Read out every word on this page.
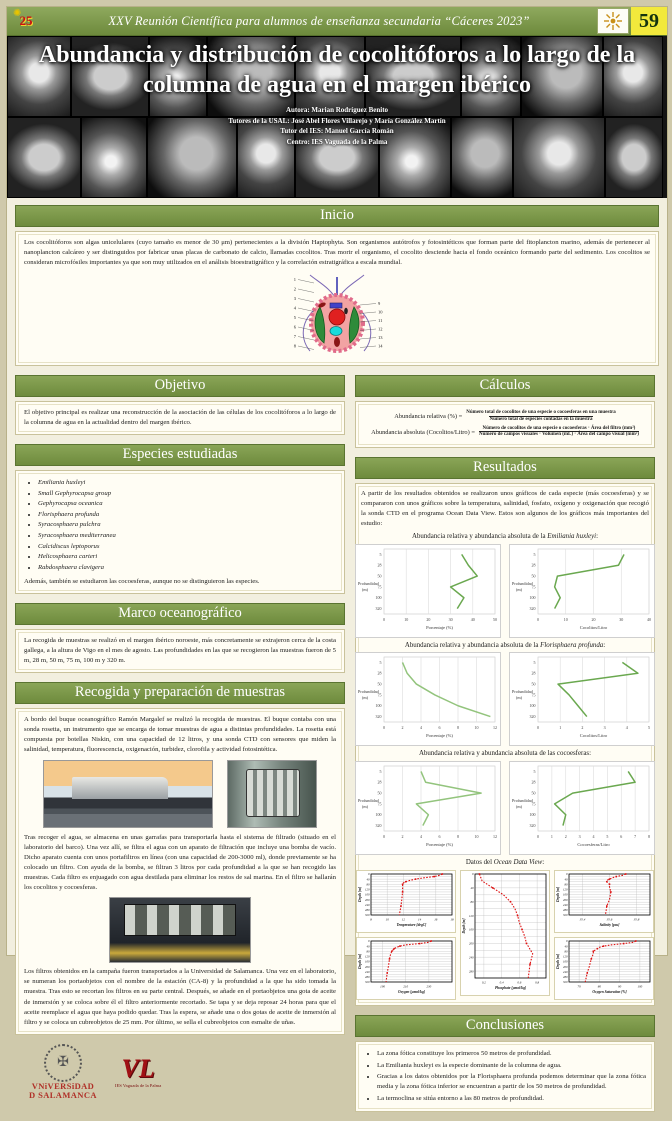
✺
25	XXV Reunión Científica para alumnos de enseñanza secundaria “Cáceres 2023”	59
Abundancia y distribución de cocolitóforos a lo largo de la columna de agua en el margen ibérico
Autora: Marian Rodríguez Benito
Tutores de la USAL: José Abel Flores Villarejo y María González Martín
Tutor del IES: Manuel García Román
Centro: IES Vaguada de la Palma
Inicio
Los cocolitóforos son algas unicelulares (cuyo tamaño es menor de 30 μm) pertenecientes a la división Haptophyta. Son organismos autótrofos y fotosintéticos que forman parte del fitoplancton marino, además de pertenecer al nanoplancton calcáreo y ser distinguidos por fabricar unas placas de carbonato de calcio, llamadas cocolitos. Tras morir el organismo, el cocolito desciende hacia el fondo oceánico formando parte del sedimento. Los cocolitos se consideran microfósiles importantes ya que son muy utilizados en el análisis bioestratigráfico y la correlación estratigráfica a escala mundial.
1
2
3
4
5
6
7
8
9
10
11
12
13
14
Objetivo
El objetivo principal es realizar una reconstrucción de la asociación de las células de los cocolitóforos a lo largo de la columna de agua en la actualidad dentro del margen ibérico.
Especies estudiadas
• Emiliania huxleyi
• Small Gephyrocapsa group
• Gephyrocapsa oceanica
• Florisphaera profunda
• Syracosphaera pulchra
• Syracosphaera mediterranea
• Calcidiscus leptoporus
• Helicosphaera carteri
• Rabdosphaera clavigera
Además, también se estudiaron las cocoesferas, aunque no se distinguieron las especies.
Marco oceanográfico
La recogida de muestras se realizó en el margen ibérico noroeste, más concretamente se extrajeron cerca de la costa gallega, a la altura de Vigo en el mes de agosto. Las profundidades en las que se recogieron las muestras fueron de 5 m, 28 m, 50 m, 75 m, 100 m y 320 m.
Recogida y preparación de muestras
A bordo del buque oceanográfico Ramón Margalef se realizó la recogida de muestras. El buque contaba con una sonda rosetta, un instrumento que se encarga de tomar muestras de agua a distintas profundidades. La rosetta está compuesta por botellas Niskin, con una capacidad de 12 litros, y una sonda CTD con sensores que miden la salinidad, temperatura, fluorescencia, oxigenación, turbidez, clorofila y actividad fotosintética.
Tras recoger el agua, se almacena en unas garrafas para transportarla hasta el sistema de filtrado (situado en el laboratorio del barco). Una vez allí, se filtra el agua con un aparato de filtración que incluye una bomba de vacío. Dicho aparato cuenta con unos portafiltros en línea (con una capacidad de 200-3000 ml), donde previamente se ha colocado un filtro. Con ayuda de la bomba, se filtran 3 litros por cada profundidad a la que se han recogido las muestras. Cada filtro es enjuagado con agua destilada para eliminar los restos de sal marina. En el filtro se hallarán los cocolitos y cocoesferas.
Los filtros obtenidos en la campaña fueron transportados a la Universidad de Salamanca. Una vez en el laboratorio, se numeran los portaobjetos con el nombre de la estación (CA-8) y la profundidad a la que ha sido tomada la muestra. Tras esto se recortan los filtros en su parte central. Después, se añade en el portaobjetos una gota de aceite de inmersión y se coloca sobre él el filtro anteriormente recortado. Se tapa y se deja reposar 24 horas para que el aceite reemplace el agua que haya podido quedar. Tras la espera, se añade una o dos gotas de aceite de inmersión al filtro y se coloca un cubreobjetos de 25 mm. Por último, se sella el cubreobjetos con esmalte de uñas.
✠
VNiVERSiDAD
D SALAMANCA
VL
IES Vaguada de la Palma
Cálculos
Abundancia relativa (%) =
Número total de cocolitos de una especie o cocoesferas en una muestra
Número total de especies contadas en la muestra
Abundancia absoluta (Cocolitos/Litro) =
Número de cocolitos de una especie o cocoesferas · Área del filtro (mm²)
Número de campos visuales · Volumen (mL) · Área del campo visual (mm²)
Resultados
A partir de los resultados obtenidos se realizaron unos gráficos de cada especie (más cocoesferas) y se compararon con unos gráficos sobre la temperatura, salinidad, fosfato, oxígeno y oxigenación que recogió la sonda CTD en el programa Ocean Data View. Estos son algunos de los gráficos más importantes del estudio:
Abundancia relativa y abundancia absoluta de la Emiliania huxleyi:
0	10	20	30	40	50
5
28
50
75
100
320
Profundidad
(m)
Porcentaje (%)
0	10	20	30	40
5
28
50
75
100
320
Profundidad
(m)
Cocolitos/Litro
Abundancia relativa y abundancia absoluta de la Florisphaera profunda:
0	2	4	6	8	10	12
5
28
50
75
100
320
Profundidad
(m)
Porcentaje (%)
0	1	2	3	4	5
5
28
50
75
100
320
Profundidad
(m)
Cocolitos/Litro
Abundancia relativa y abundancia absoluta de las cocoesferas:
0	2	4	6	8	10	12
5
28
50
75
100
320
Profundidad
(m)
Porcentaje (%)
0	1	2	3	4	5	6	7	8
5
28
50
75
100
320
Profundidad
(m)
Cocoesferas/Litro
Datos del Ocean Data View:
8	10	12	14	16	18
0
40
80
120
160
200
240
280
320
Temperature [degC]
Depth [m]
190	210	230
0
40
80
120
160
200
240
280
320
Oxygen [µmol/kg]
Depth [m]
0.2	0.4	0.6	0.8
0
40
80
120
160
200
240
280
Phosphate [µmol/kg]
Depth [m]	35.4	35.6	35.8
0
40
80
120
160
200
240
280
320
Salinity [psu]
Depth [m]
70	80	90	100
0
40
80
120
160
200
240
280
320
Oxygen Saturation [%]
Depth [m]
Conclusiones
• La zona fótica constituye los primeros 50 metros de profundidad.
• La Emiliania huxleyi es la especie dominante de la columna de agua.
• Gracias a los datos obtenidos por la Florisphaera profunda podemos determinar que la zona fótica media y la zona fótica inferior se encuentran a partir de los 50 metros de profundidad.
• La termoclina se sitúa entorno a las 80 metros de profundidad.
